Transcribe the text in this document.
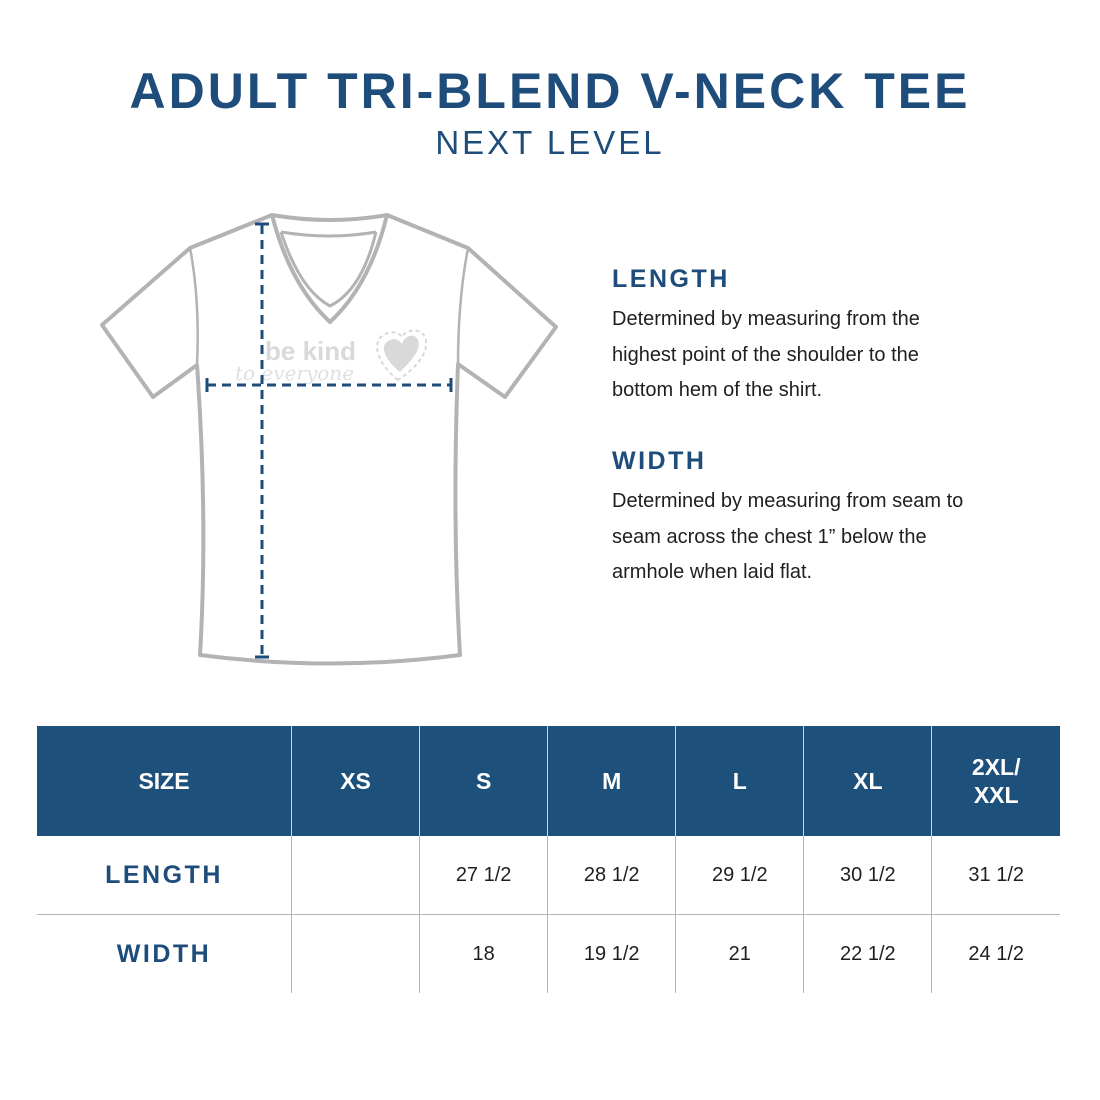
ADULT TRI-BLEND V-NECK TEE
NEXT LEVEL
be kind
to everyone
LENGTH

Determined by measuring from the highest point of the shoulder to the bottom hem of the shirt.

WIDTH

Determined by measuring from seam to seam across the chest 1” below the armhole when laid flat.

SIZE	XS	S	M	L	XL	2XL/ XXL
LENGTH		27 1/2	28 1/2	29 1/2	30 1/2	31 1/2
WIDTH		18	19 1/2	21	22 1/2	24 1/2
